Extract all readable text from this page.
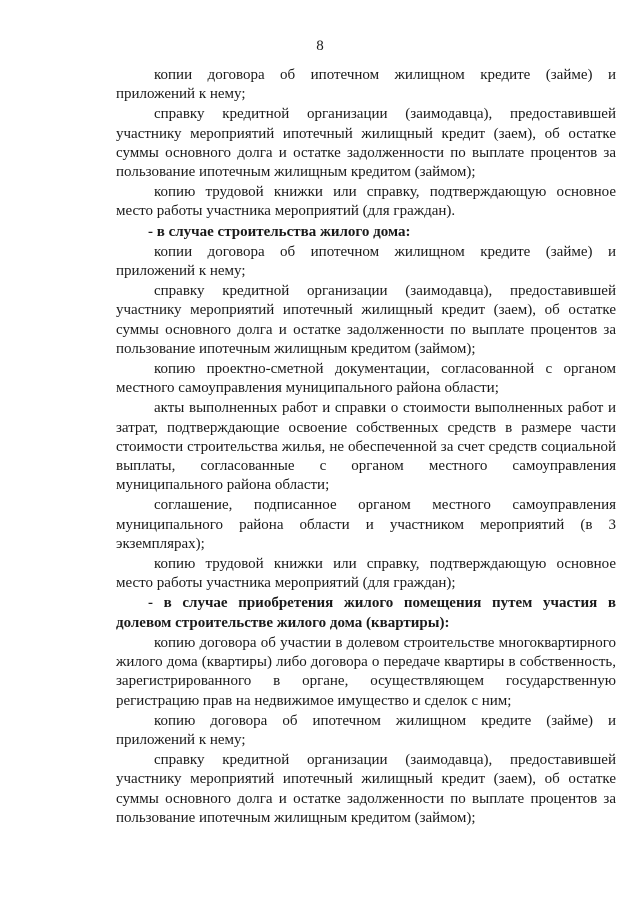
8

копии договора об ипотечном жилищном кредите (займе) и приложений к нему;

справку кредитной организации (заимодавца), предоставившей участнику мероприятий ипотечный жилищный кредит (заем), об остатке суммы основного долга и остатке задолженности по выплате процентов за пользование ипотечным жилищным кредитом (займом);

копию трудовой книжки или справку, подтверждающую основное место работы участника мероприятий (для граждан).

- в случае строительства жилого дома:

копии договора об ипотечном жилищном кредите (займе) и приложений к нему;

справку кредитной организации (заимодавца), предоставившей участнику мероприятий ипотечный жилищный кредит (заем), об остатке суммы основного долга и остатке задолженности по выплате процентов за пользование ипотечным жилищным кредитом (займом);

копию проектно-сметной документации, согласованной с органом местного самоуправления муниципального района области;

акты выполненных работ и справки о стоимости выполненных работ и затрат, подтверждающие освоение собственных средств в размере части стоимости строительства жилья, не обеспеченной за счет средств социальной выплаты, согласованные с органом местного самоуправления муниципального района области;

соглашение, подписанное органом местного самоуправления муниципального района области и участником мероприятий (в 3 экземплярах);

копию трудовой книжки или справку, подтверждающую основное место работы участника мероприятий (для граждан);

- в случае приобретения жилого помещения путем участия в долевом строительстве жилого дома (квартиры):

копию договора об участии в долевом строительстве многоквартирного жилого дома (квартиры) либо договора о передаче квартиры в собственность, зарегистрированного в органе, осуществляющем государственную регистрацию прав на недвижимое имущество и сделок с ним;

копию договора об ипотечном жилищном кредите (займе) и приложений к нему;

справку кредитной организации (заимодавца), предоставившей участнику мероприятий ипотечный жилищный кредит (заем), об остатке суммы основного долга и остатке задолженности по выплате процентов за пользование ипотечным жилищным кредитом (займом);
